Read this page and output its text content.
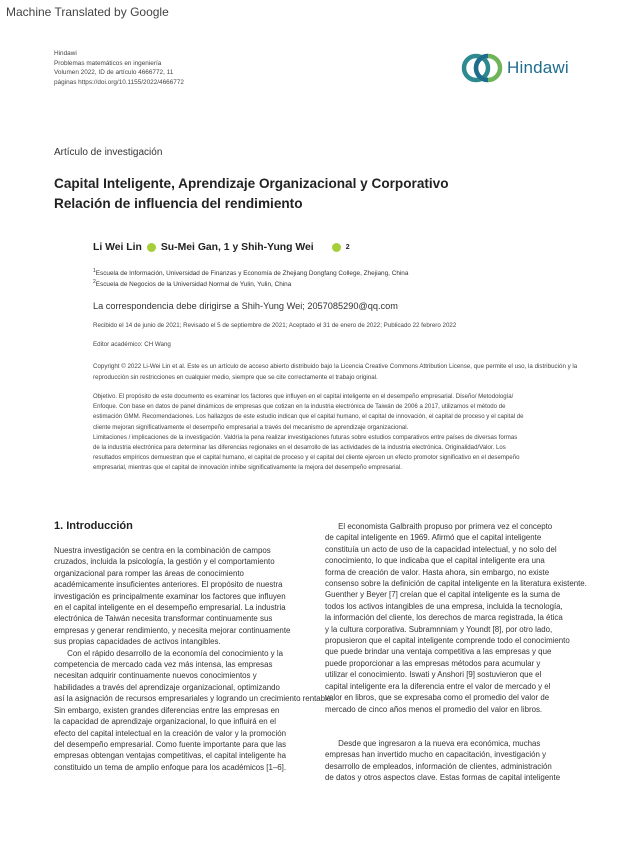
Machine Translated by Google
Hindawi
Problemas matemáticos en ingeniería
Volumen 2022, ID de artículo 4666772, 11
páginas https://doi.org/10.1155/2022/4666772
Hindawi
Artículo de investigación
Capital Inteligente, Aprendizaje Organizacional y Corporativo
Relación de influencia del rendimiento
Li Wei Lin Su-Mei Gan, 1 y Shih-Yung Wei	2
$^1$Escuela de Información, Universidad de Finanzas y Economía de Zhejiang Dongfang College, Zhejiang, China
$^2$Escuela de Negocios de la Universidad Normal de Yulin, Yulin, China
La correspondencia debe dirigirse a Shih-Yung Wei; 2057085290@qq.com
Recibido el 14 de junio de 2021; Revisado el 5 de septiembre de 2021; Aceptado el 31 de enero de 2022; Publicado 22 febrero 2022
Editor académico: CH Wang
Copyright © 2022 Li-Wei Lin et al. Este es un artículo de acceso abierto distribuido bajo la Licencia Creative Commons Attribution License, que permite el uso, la distribución y la reproducción sin restricciones en cualquier medio, siempre que se cite correctamente el trabajo original.
Objetivo. El propósito de este documento es examinar los factores que influyen en el capital inteligente en el desempeño empresarial. Diseño/ Metodología/
Enfoque. Con base en datos de panel dinámicos de empresas que cotizan en la industria electrónica de Taiwán de 2006 a 2017, utilizamos el método de
estimación GMM. Recomendaciones. Los hallazgos de este estudio indican que el capital humano, el capital de innovación, el capital de proceso y el capital de
cliente mejoran significativamente el desempeño empresarial a través del mecanismo de aprendizaje organizacional.
Limitaciones / implicaciones de la investigación. Valdría la pena realizar investigaciones futuras sobre estudios comparativos entre países de diversas formas
de la industria electrónica para determinar las diferencias regionales en el desarrollo de las actividades de la industria electrónica. Originalidad/Valor. Los
resultados empíricos demuestran que el capital humano, el capital de proceso y el capital del cliente ejercen un efecto promotor significativo en el desempeño
empresarial, mientras que el capital de innovación inhibe significativamente la mejora del desempeño empresarial.
1. Introducción
Nuestra investigación se centra en la combinación de campos
cruzados, incluida la psicología, la gestión y el comportamiento
organizacional para romper las áreas de conocimiento
académicamente insuficientes anteriores. El propósito de nuestra
investigación es principalmente examinar los factores que influyen
en el capital inteligente en el desempeño empresarial. La industria
electrónica de Taiwán necesita transformar continuamente sus
empresas y generar rendimiento, y necesita mejorar continuamente
sus propias capacidades de activos intangibles.
Con el rápido desarrollo de la economía del conocimiento y la
competencia de mercado cada vez más intensa, las empresas
necesitan adquirir continuamente nuevos conocimientos y
habilidades a través del aprendizaje organizacional, optimizando
así la asignación de recursos empresariales y logrando un crecimiento rentable.
Sin embargo, existen grandes diferencias entre las empresas en
la capacidad de aprendizaje organizacional, lo que influirá en el
efecto del capital intelectual en la creación de valor y la promoción
del desempeño empresarial. Como fuente importante para que las
empresas obtengan ventajas competitivas, el capital inteligente ha
constituido un tema de amplio enfoque para los académicos [1–6].
El economista Galbraith propuso por primera vez el concepto
de capital inteligente en 1969. Afirmó que el capital inteligente
constituía un acto de uso de la capacidad intelectual, y no solo del
conocimiento, lo que indicaba que el capital inteligente era una
forma de creación de valor. Hasta ahora, sin embargo, no existe
consenso sobre la definición de capital inteligente en la literatura existente.
Guenther y Beyer [7] creían que el capital inteligente es la suma de
todos los activos intangibles de una empresa, incluida la tecnología,
la información del cliente, los derechos de marca registrada, la ética
y la cultura corporativa. Subramnniam y Youndt [8], por otro lado,
propusieron que el capital inteligente comprende todo el conocimiento
que puede brindar una ventaja competitiva a las empresas y que
puede proporcionar a las empresas métodos para acumular y
utilizar el conocimiento. Iswati y Anshori [9] sostuvieron que el
capital inteligente era la diferencia entre el valor de mercado y el
valor en libros, que se expresaba como el promedio del valor de
mercado de cinco años menos el promedio del valor en libros.
Desde que ingresaron a la nueva era económica, muchas
empresas han invertido mucho en capacitación, investigación y
desarrollo de empleados, información de clientes, administración
de datos y otros aspectos clave. Estas formas de capital inteligente
